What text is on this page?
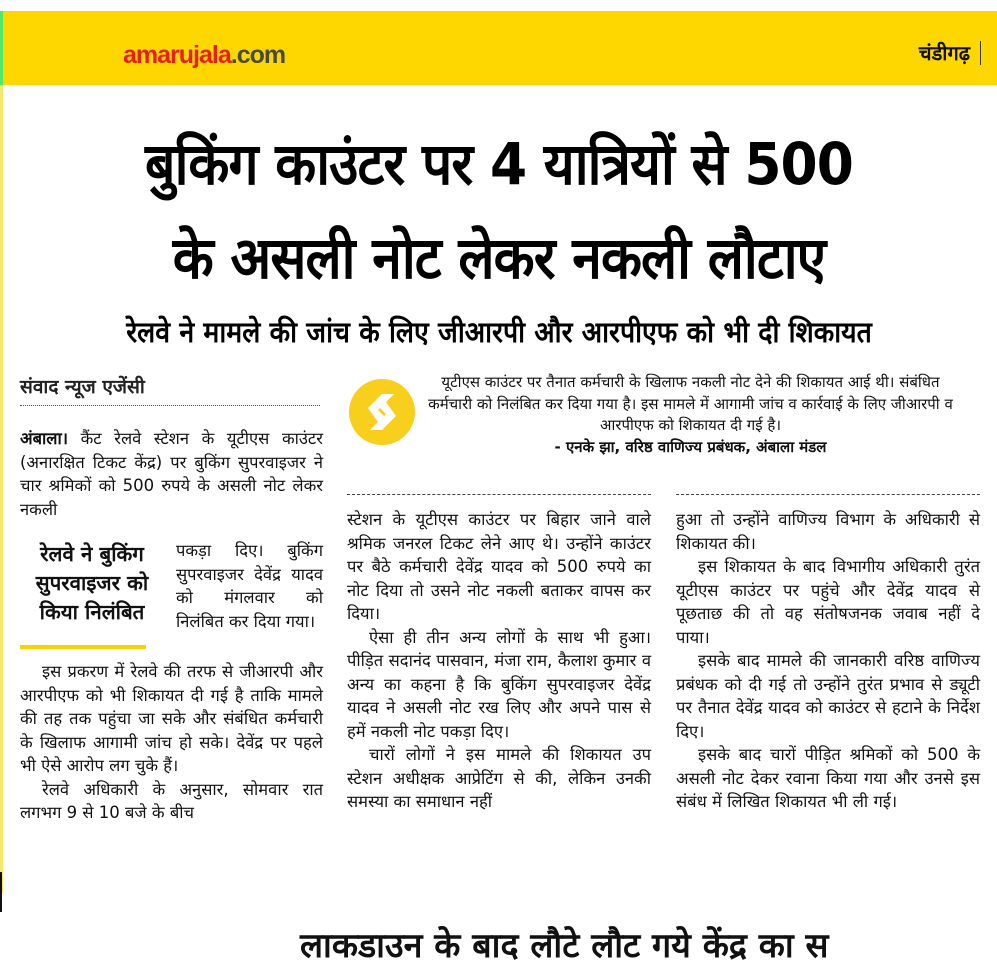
amarujala.com	चंडीगढ़
बुकिंग काउंटर पर 4 यात्रियों से 500
के असली नोट लेकर नकली लौटाए
रेलवे ने मामले की जांच के लिए जीआरपी और आरपीएफ को भी दी शिकायत
संवाद न्यूज एजेंसी

अंबाला। कैंट रेलवे स्टेशन के यूटीएस काउंटर (अनारक्षित टिकट केंद्र) पर बुकिंग सुपरवाइजर ने चार श्रमिकों को 500 रुपये के असली नोट लेकर नकली

रेलवे ने बुकिंग सुपरवाइजर को किया निलंबित

पकड़ा दिए। बुकिंग सुपरवाइजर देवेंद्र यादव को मंगलवार को निलंबित कर दिया गया।

इस प्रकरण में रेलवे की तरफ से जीआरपी और आरपीएफ को भी शिकायत दी गई है ताकि मामले की तह तक पहुंचा जा सके और संबंधित कर्मचारी के खिलाफ आगामी जांच हो सके। देवेंद्र पर पहले भी ऐसे आरोप लग चुके हैं।

रेलवे अधिकारी के अनुसार, सोमवार रात लगभग 9 से 10 बजे के बीच

यूटीएस काउंटर पर तैनात कर्मचारी के खिलाफ नकली नोट देने की शिकायत आई थी। संबंधित कर्मचारी को निलंबित कर दिया गया है। इस मामले में आगामी जांच व कार्रवाई के लिए जीआरपी व आरपीएफ को शिकायत दी गई है।
- एनके झा, वरिष्ठ वाणिज्य प्रबंधक, अंबाला मंडल

स्टेशन के यूटीएस काउंटर पर बिहार जाने वाले श्रमिक जनरल टिकट लेने आए थे। उन्होंने काउंटर पर बैठे कर्मचारी देवेंद्र यादव को 500 रुपये का नोट दिया तो उसने नोट नकली बताकर वापस कर दिया।

ऐसा ही तीन अन्य लोगों के साथ भी हुआ। पीड़ित सदानंद पासवान, मंजा राम, कैलाश कुमार व अन्य का कहना है कि बुकिंग सुपरवाइजर देवेंद्र यादव ने असली नोट रख लिए और अपने पास से हमें नकली नोट पकड़ा दिए।

चारों लोगों ने इस मामले की शिकायत उप स्टेशन अधीक्षक आप्रेटिंग से की, लेकिन उनकी समस्या का समाधान नहीं

हुआ तो उन्होंने वाणिज्य विभाग के अधिकारी से शिकायत की।

इस शिकायत के बाद विभागीय अधिकारी तुरंत यूटीएस काउंटर पर पहुंचे और देवेंद्र यादव से पूछताछ की तो वह संतोषजनक जवाब नहीं दे पाया।

इसके बाद मामले की जानकारी वरिष्ठ वाणिज्य प्रबंधक को दी गई तो उन्होंने तुरंत प्रभाव से ड्यूटी पर तैनात देवेंद्र यादव को काउंटर से हटाने के निर्देश दिए।

इसके बाद चारों पीड़ित श्रमिकों को 500 के असली नोट देकर रवाना किया गया और उनसे इस संबंध में लिखित शिकायत भी ली गई।

लाकडाउन के बाद लौटे लौट गये केंद्र का स
